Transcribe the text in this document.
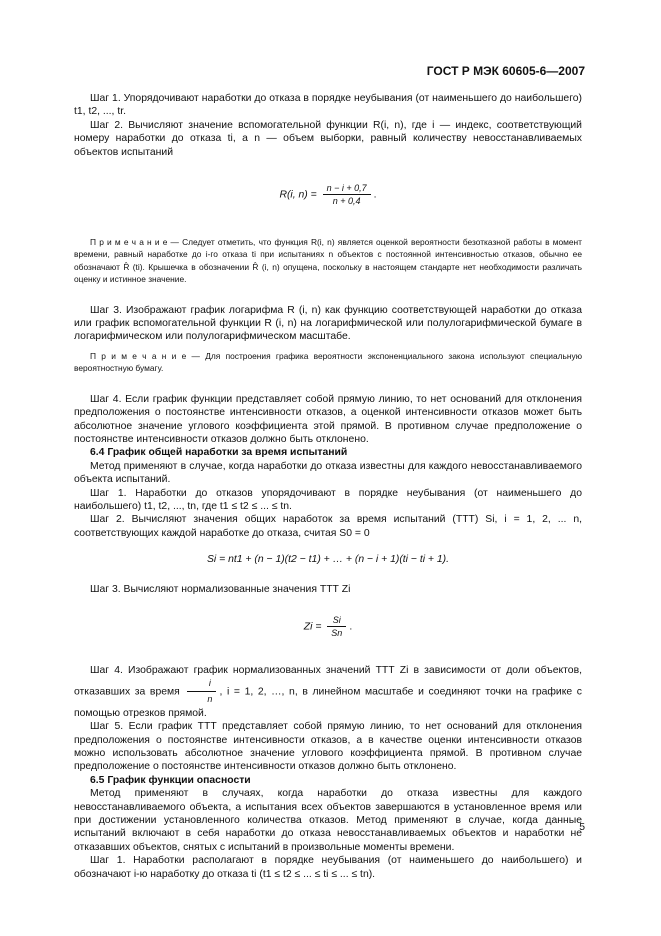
ГОСТ Р МЭК 60605-6—2007

Шаг 1. Упорядочивают наработки до отказа в порядке неубывания (от наименьшего до наибольшего) t1, t2, ..., tr.

Шаг 2. Вычисляют значение вспомогательной функции R(i, n), где i — индекс, соответствующий номеру наработки до отказа ti, а n — объем выборки, равный количеству невосстанавливаемых объектов испытаний

R(i, $n) = \frac{n - i + 0,7}{n + 0,4}$ .

П р и м е ч а н и е — Следует отметить, что функция R(i, n) является оценкой вероятности безотказной работы в момент времени, равный наработке до i-го отказа ti при испытаниях n объектов с постоянной интенсивностью отказов, обычно ее обозначают R̂ (ti). Крышечка в обозначении R̂ (i, n) опущена, поскольку в настоящем стандарте нет необходимости различать оценку и истинное значение.

Шаг 3. Изображают график логарифма R (i, n) как функцию соответствующей наработки до отказа или график вспомогательной функции R (i, n) на логарифмической или полулогарифмической бумаге в логарифмическом или полулогарифмическом масштабе.

П р и м е ч а н и е — Для построения графика вероятности экспоненциального закона используют специальную вероятностную бумагу.

Шаг 4. Если график функции представляет собой прямую линию, то нет оснований для отклонения предположения о постоянстве интенсивности отказов, а оценкой интенсивности отказов может быть абсолютное значение углового коэффициента этой прямой. В противном случае предположение о постоянстве интенсивности отказов должно быть отклонено.

6.4 График общей наработки за время испытаний

Метод применяют в случае, когда наработки до отказа известны для каждого невосстанавливаемого объекта испытаний.

Шаг 1. Наработки до отказов упорядочивают в порядке неубывания (от наименьшего до наибольшего) t1, t2, ..., tn, где t1 ≤ t2 ≤ ... ≤ tn.

Шаг 2. Вычисляют значения общих наработок за время испытаний (ТТТ) Si, i = 1, 2, ... n, соответствующих каждой наработке до отказа, считая S0 = 0

Si = nt1 + (n − 1)(t2 − t1) + … + (n − i + 1)(ti − ti + 1).

Шаг 3. Вычисляют нормализованные значения ТТТ Zi

$Zi = \frac{Si}{Sn}$ .

Шаг 4. Изображают график нормализованных значений ТТТ Zi в зависимости от доли объектов, отказавших за время $\frac{i}{n}$ , i = 1, 2, …, n, в линейном масштабе и соединяют точки на графике с помощью отрезков прямой.

Шаг 5. Если график ТТТ представляет собой прямую линию, то нет оснований для отклонения предположения о постоянстве интенсивности отказов, а в качестве оценки интенсивности отказов можно использовать абсолютное значение углового коэффициента прямой. В противном случае предположение о постоянстве интенсивности отказов должно быть отклонено.

6.5 График функции опасности

Метод применяют в случаях, когда наработки до отказа известны для каждого невосстанавливаемого объекта, а испытания всех объектов завершаются в установленное время или при достижении установленного количества отказов. Метод применяют в случае, когда данные испытаний включают в себя наработки до отказа невосстанавливаемых объектов и наработки не отказавших объектов, снятых с испытаний в произвольные моменты времени.

Шаг 1. Наработки располагают в порядке неубывания (от наименьшего до наибольшего) и обозначают i-ю наработку до отказа ti (t1 ≤ t2 ≤ ... ≤ ti ≤ ... ≤ tn).

5
